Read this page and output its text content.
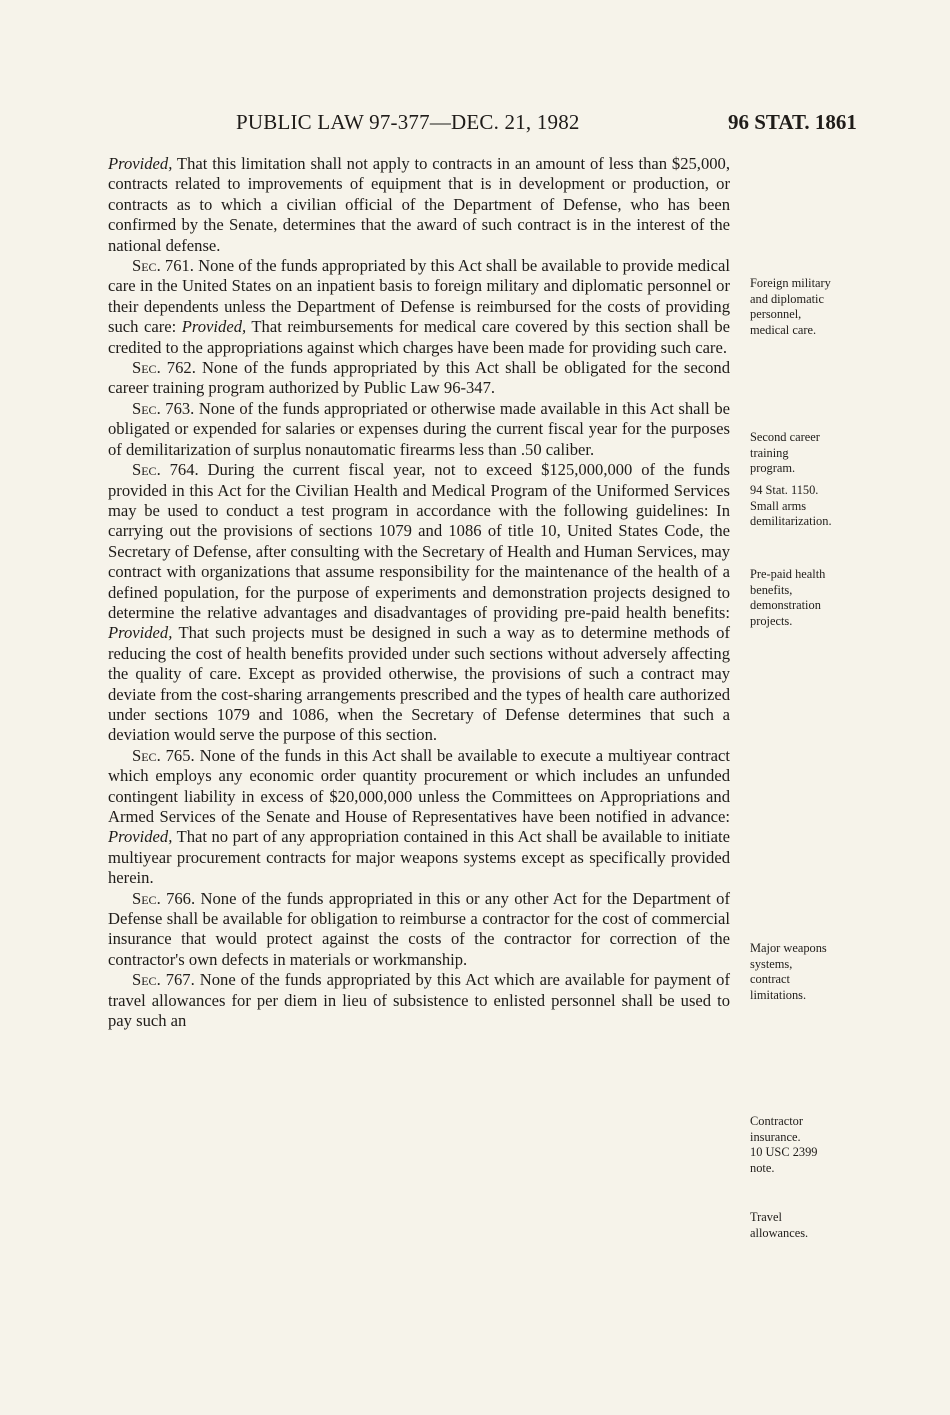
PUBLIC LAW 97-377—DEC. 21, 1982	96 STAT. 1861

Provided, That this limitation shall not apply to contracts in an amount of less than $25,000, contracts related to improvements of equipment that is in development or production, or contracts as to which a civilian official of the Department of Defense, who has been confirmed by the Senate, determines that the award of such contract is in the interest of the national defense.

Sec. 761. None of the funds appropriated by this Act shall be available to provide medical care in the United States on an inpatient basis to foreign military and diplomatic personnel or their dependents unless the Department of Defense is reimbursed for the costs of providing such care: Provided, That reimbursements for medical care covered by this section shall be credited to the appropriations against which charges have been made for providing such care.

Sec. 762. None of the funds appropriated by this Act shall be obligated for the second career training program authorized by Public Law 96-347.

Sec. 763. None of the funds appropriated or otherwise made available in this Act shall be obligated or expended for salaries or expenses during the current fiscal year for the purposes of demilitarization of surplus nonautomatic firearms less than .50 caliber.

Sec. 764. During the current fiscal year, not to exceed $125,000,000 of the funds provided in this Act for the Civilian Health and Medical Program of the Uniformed Services may be used to conduct a test program in accordance with the following guidelines: In carrying out the provisions of sections 1079 and 1086 of title 10, United States Code, the Secretary of Defense, after consulting with the Secretary of Health and Human Services, may contract with organizations that assume responsibility for the maintenance of the health of a defined population, for the purpose of experiments and demonstration projects designed to determine the relative advantages and disadvantages of providing pre-paid health benefits: Provided, That such projects must be designed in such a way as to determine methods of reducing the cost of health benefits provided under such sections without adversely affecting the quality of care. Except as provided otherwise, the provisions of such a contract may deviate from the cost-sharing arrangements prescribed and the types of health care authorized under sections 1079 and 1086, when the Secretary of Defense determines that such a deviation would serve the purpose of this section.

Sec. 765. None of the funds in this Act shall be available to execute a multiyear contract which employs any economic order quantity procurement or which includes an unfunded contingent liability in excess of $20,000,000 unless the Committees on Appropriations and Armed Services of the Senate and House of Representatives have been notified in advance: Provided, That no part of any appropriation contained in this Act shall be available to initiate multiyear procurement contracts for major weapons systems except as specifically provided herein.

Sec. 766. None of the funds appropriated in this or any other Act for the Department of Defense shall be available for obligation to reimburse a contractor for the cost of commercial insurance that would protect against the costs of the contractor for correction of the contractor's own defects in materials or workmanship.

Sec. 767. None of the funds appropriated by this Act which are available for payment of travel allowances for per diem in lieu of subsistence to enlisted personnel shall be used to pay such an

Foreign military
and diplomatic
personnel,
medical care.
Second career
training
program.
94 Stat. 1150.
Small arms
demilitarization.
Pre-paid health
benefits,
demonstration
projects.
Major weapons
systems,
contract
limitations.
Contractor
insurance.
10 USC 2399
note.
Travel
allowances.
